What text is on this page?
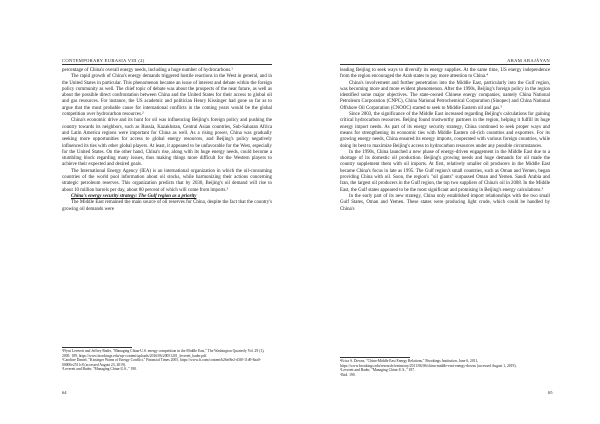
CONTEMPORARY EURASIA VIII (2)

percentage of China's overall energy needs, including a huge number of hydrocarbons.¹

The rapid growth of China's energy demands triggered hostile reactions in the West in general, and in the United States in particular. This phenomenon became an issue of interest and debate within the foreign policy community as well. The chief topic of debate was about the prospects of the near future, as well as about the possible direct confrontation between China and the United States for their access to global oil and gas resources. For instance, the US academic and politician Henry Kissinger had gone so far as to argue that the most probable cause for international conflicts in the coming years would be the global competition over hydrocarbon resources.²

China's economic drive and its hunt for oil was influencing Beijing's foreign policy and pushing the country towards its neighbors, such as Russia, Kazakhstan, Central Asian countries, Sub-Saharan Africa and Latin America regions were important for China as well. As a rising power, China was gradually seeking more opportunities for access to global energy resources, and Beijing's policy negatively influenced its ties with other global players. At least, it appeared to be unfavorable for the West, especially for the United States. On the other hand, China's rise, along with its huge energy needs, could become a stumbling block regarding many issues, thus making things more difficult for the Western players to achieve their expected and desired goals.

The International Energy Agency (IEA) is an international organization in which the oil-consuming countries of the world pool information about oil stocks, while harmonizing their actions concerning strategic petroleum reserves. This organization predicts that by 2030, Beijing's oil demand will rise to about 10 million barrels per day, about 80 percent of which will come from imports.³

China's energy security strategy: The Gulf region as a priority

The Middle East remained the main source of oil reserves for China, despite the fact that the country's growing oil demands were

¹Flynt Leverett and Jeffrey Bader, "Managing China-U.S. energy competition in the Middle East," The Washington Quarterly Vol. 29 (1), 2005: 189, https://www.brookings.edu/wp-content/uploads/2016/06/20051201_leverett_bader.pdf.

²Caroline Daniel, "Kissinger Warns of Energy Conflict," Financial Times 2005, https://www.ft.com/content/b26ef8e2-d3f0-11d9-8aa0-00000e2511c8 (accessed August 23, 2019).

³Leverett and Bader, "Managing China-U.S.," 190.

64
ARAM ARAJÁYAN

leading Beijing to seek ways to diversify its energy supplies. At the same time, US energy independence from the region encouraged the Arab states to pay more attention to China.⁴

China's involvement and further penetration into the Middle East, particularly into the Gulf region, was becoming more and more evident phenomenon. After the 1990s, Beijing's foreign policy in the region identified some major objectives. The state-owned Chinese energy companies, namely China National Petroleum Corporation (CNPC), China National Petrochemical Corporation (Sinopec) and China National Offshore Oil Corporation (CNOOC) started to seek to Middle Eastern oil and gas.⁵

Since 2003, the significance of the Middle East increased regarding Beijing's calculations for gaining critical hydrocarbon resources. Beijing found trustworthy partners in the region, helping it fulfill its huge energy import needs. As part of its energy security strategy, China continued to seek proper ways and means for strengthening its economic ties with Middle Eastern oil-rich countries and exporters. For its growing energy needs, China ensured its energy imports, cooperated with various foreign countries, while doing its best to maximize Beijing's access to hydrocarbon resources under any possible circumstances.

In the 1990s, China launched a new phase of energy-driven engagement in the Middle East due to a shortage of its domestic oil production. Beijing's growing needs and huge demands for oil made the country supplement them with oil imports. At first, relatively smaller oil producers in the Middle East became China's focus in late as 1995. The Gulf region's small countries, such as Oman and Yemen, began providing China with oil. Soon, the region's "oil giants" surpassed Oman and Yemen. Saudi Arabia and Iran, the largest oil producers in the Gulf region, the top two suppliers of China's oil in 2008. In the Middle East, the Gulf states appeared to be the most significant and promising in Beijing's energy calculations.⁶

In the early part of its new strategy, China only established import relationships with the two small Gulf States, Oman and Yemen. These states were producing light crude, which could be handled by China's

⁴Erica S. Downs, "China-Middle East Energy Relations," Brookings Institution, June 6, 2011, https://www.brookings.edu/research/testimony/2011/06/06/china-middle-east-energy-downs (accessed August 1, 2019).

⁵Leverett and Bader, "Managing China-U.S.," 187.

⁶Ibid. 190.

65
